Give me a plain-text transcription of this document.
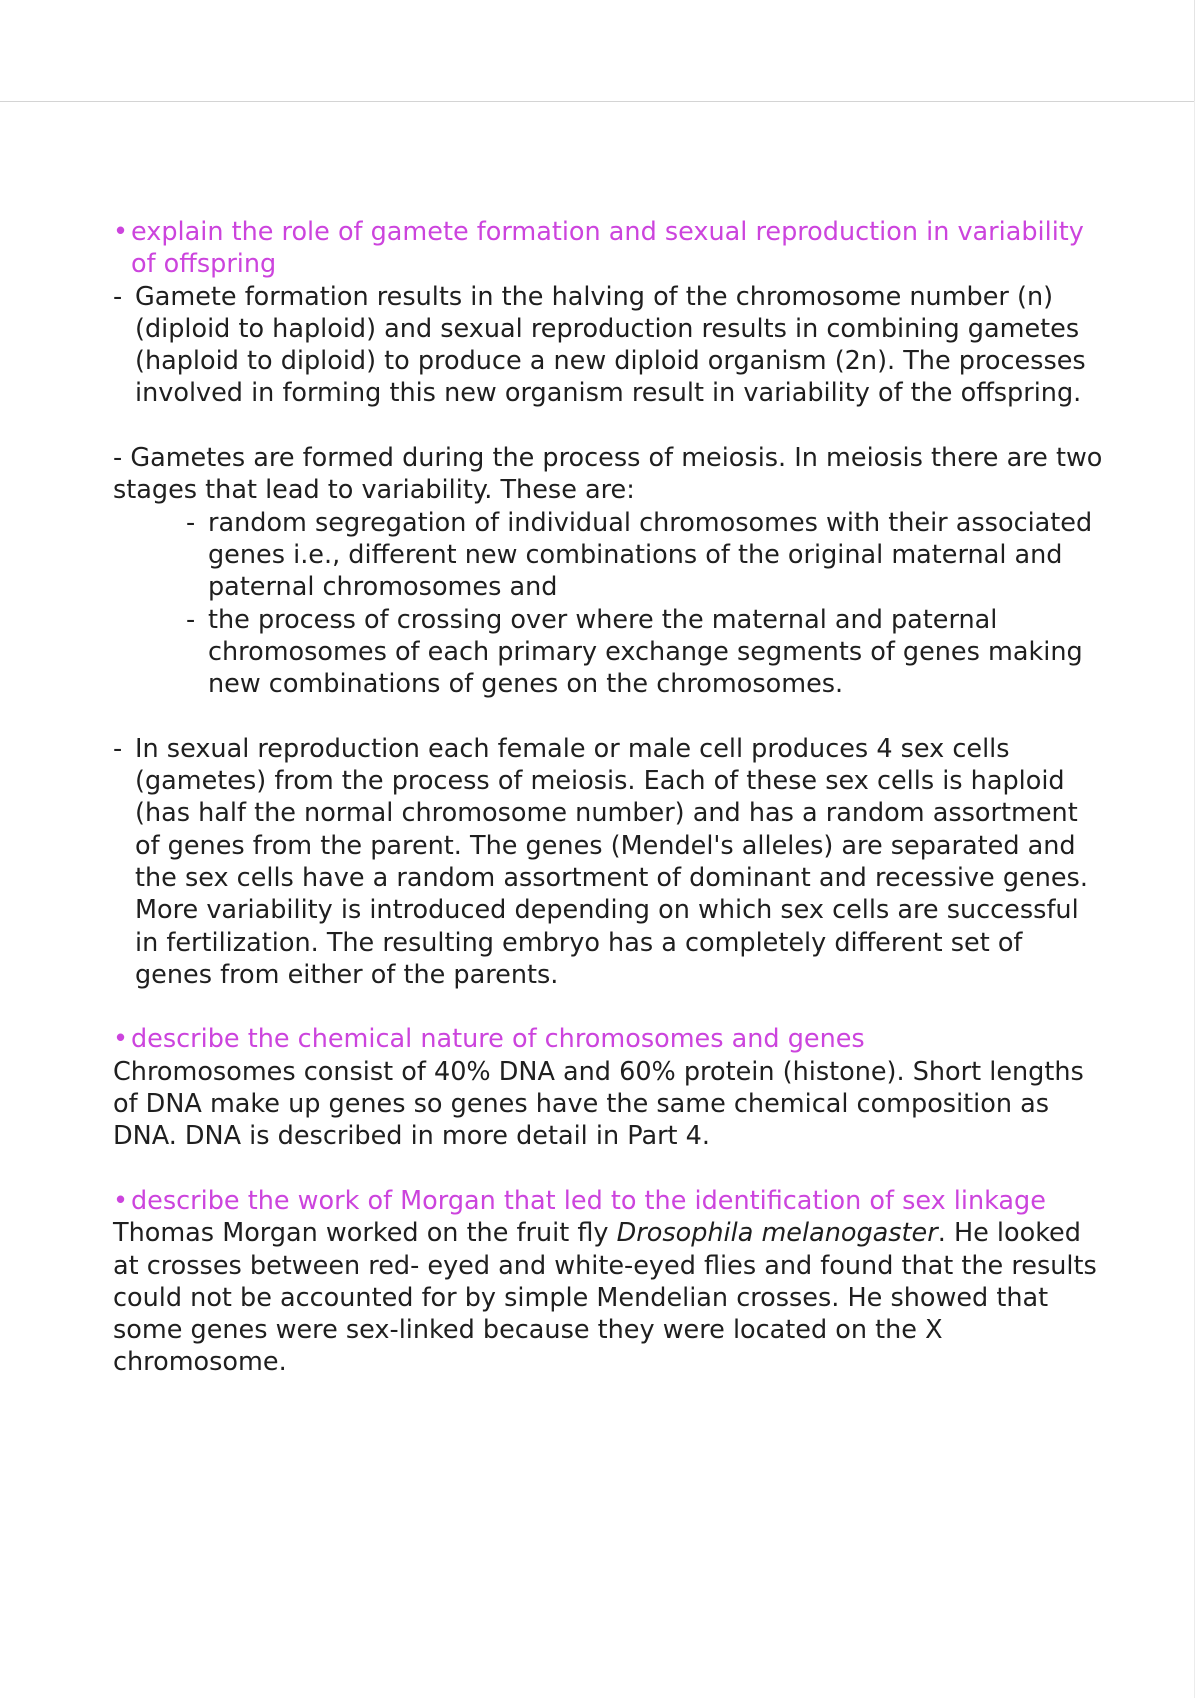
• explain the role of gamete formation and sexual reproduction in variability of offspring

- Gamete formation results in the halving of the chromosome number (n) (diploid to haploid) and sexual reproduction results in combining gametes (haploid to diploid) to produce a new diploid organism (2n). The processes involved in forming this new organism result in variability of the offspring.

- Gametes are formed during the process of meiosis. In meiosis there are two stages that lead to variability. These are:

- random segregation of individual chromosomes with their associated genes i.e., different new combinations of the original maternal and paternal chromosomes and

- the process of crossing over where the maternal and paternal chromosomes of each primary exchange segments of genes making new combinations of genes on the chromosomes.

- In sexual reproduction each female or male cell produces 4 sex cells (gametes) from the process of meiosis. Each of these sex cells is haploid (has half the normal chromosome number) and has a random assortment of genes from the parent. The genes (Mendel's alleles) are separated and the sex cells have a random assortment of dominant and recessive genes. More variability is introduced depending on which sex cells are successful in fertilization. The resulting embryo has a completely different set of genes from either of the parents.

• describe the chemical nature of chromosomes and genes

Chromosomes consist of 40% DNA and 60% protein (histone). Short lengths of DNA make up genes so genes have the same chemical composition as DNA. DNA is described in more detail in Part 4.

• describe the work of Morgan that led to the identification of sex linkage

Thomas Morgan worked on the fruit fly Drosophila melanogaster. He looked at crosses between red- eyed and white-eyed flies and found that the results could not be accounted for by simple Mendelian crosses. He showed that some genes were sex-linked because they were located on the X chromosome.
